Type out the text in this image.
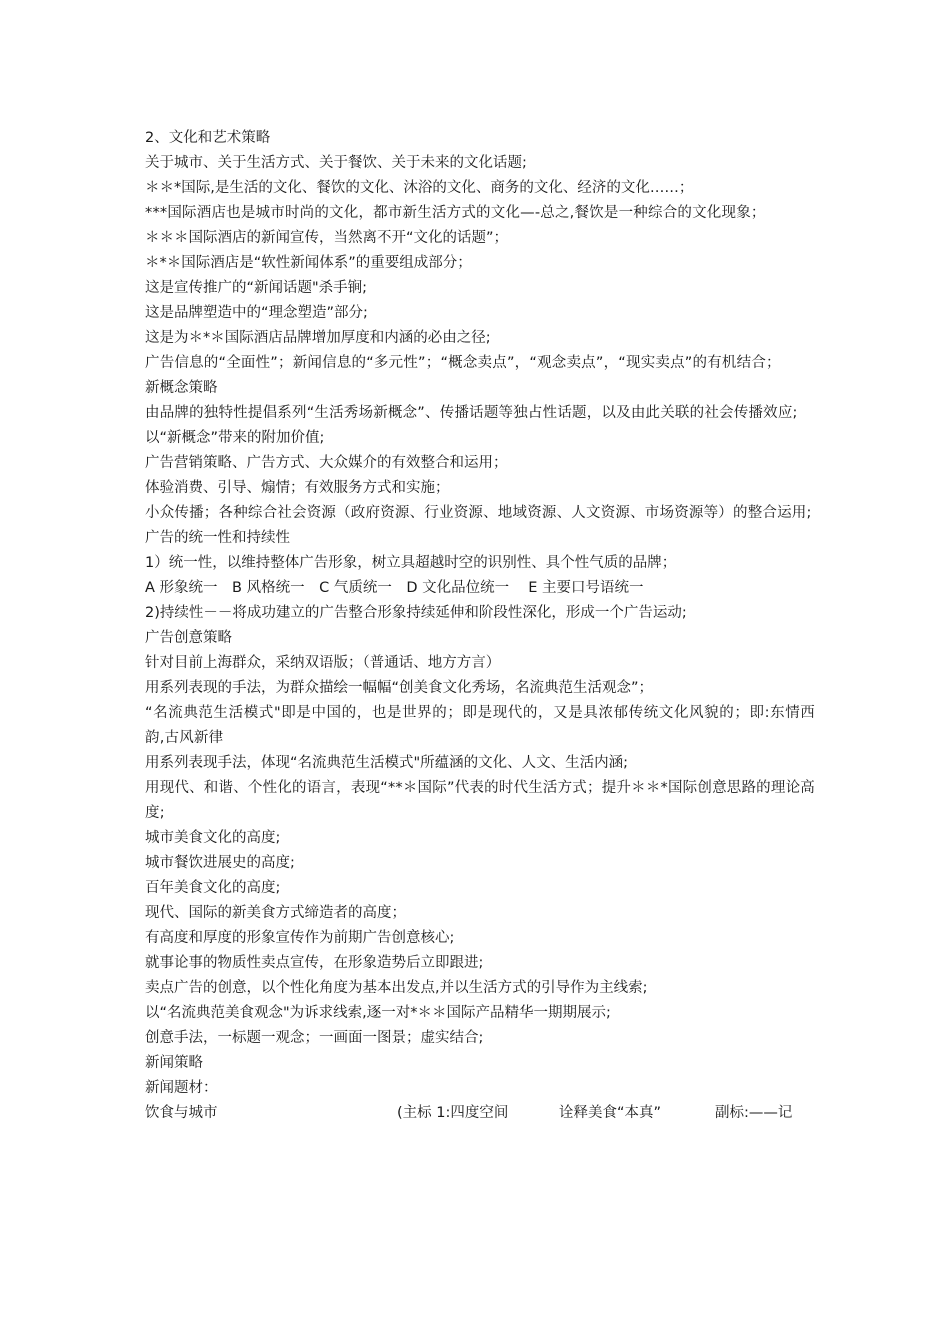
2、文化和艺术策略
关于城市、关于生活方式、关于餐饮、关于未来的文化话题;
＊＊*国际,是生活的文化、餐饮的文化、沐浴的文化、商务的文化、经济的文化……；
***国际酒店也是城市时尚的文化，都市新生活方式的文化—-总之,餐饮是一种综合的文化现象；
＊＊＊国际酒店的新闻宣传，当然离不开“文化的话题”；
＊*＊国际酒店是“软性新闻体系”的重要组成部分；
这是宣传推广的“新闻话题"杀手锏;
这是品牌塑造中的“理念塑造”部分;
这是为＊*＊国际酒店品牌增加厚度和内涵的必由之径;
广告信息的“全面性”；新闻信息的“多元性”；“概念卖点”，“观念卖点”，“现实卖点”的有机结合；
新概念策略
由品牌的独特性提倡系列“生活秀场新概念”、传播话题等独占性话题，以及由此关联的社会传播效应;
以“新概念”带来的附加价值;
广告营销策略、广告方式、大众媒介的有效整合和运用；
体验消费、引导、煽情；有效服务方式和实施；
小众传播；各种综合社会资源（政府资源、行业资源、地域资源、人文资源、市场资源等）的整合运用;
广告的统一性和持续性
1）统一性，以维持整体广告形象，树立具超越时空的识别性、具个性气质的品牌；
A 形象统一　B 风格统一　C 气质统一　D 文化品位统一　 E 主要口号语统一
2)持续性－－将成功建立的广告整合形象持续延伸和阶段性深化，形成一个广告运动;
广告创意策略
针对目前上海群众，采纳双语版；（普通话、地方方言）
用系列表现的手法，为群众描绘一幅幅“创美食文化秀场，名流典范生活观念”；
“名流典范生活模式"即是中国的，也是世界的；即是现代的，又是具浓郁传统文化风貌的；即:东情西韵,古风新律
用系列表现手法，体现“名流典范生活模式"所蕴涵的文化、人文、生活内涵;
用现代、和谐、个性化的语言，表现“**＊国际”代表的时代生活方式；提升＊＊*国际创意思路的理论高度;
城市美食文化的高度;
城市餐饮进展史的高度;
百年美食文化的高度;
现代、国际的新美食方式缔造者的高度；
有高度和厚度的形象宣传作为前期广告创意核心;
就事论事的物质性卖点宣传，在形象造势后立即跟进;
卖点广告的创意，以个性化角度为基本出发点,并以生活方式的引导作为主线索;
以“名流典范美食观念"为诉求线索,逐一对*＊＊国际产品精华一期期展示;
创意手法，一标题一观念；一画面一图景；虚实结合;
新闻策略
新闻题材：
饮食与城市	(主标 1:四度空间	诠释美食“本真”	副标:——记
